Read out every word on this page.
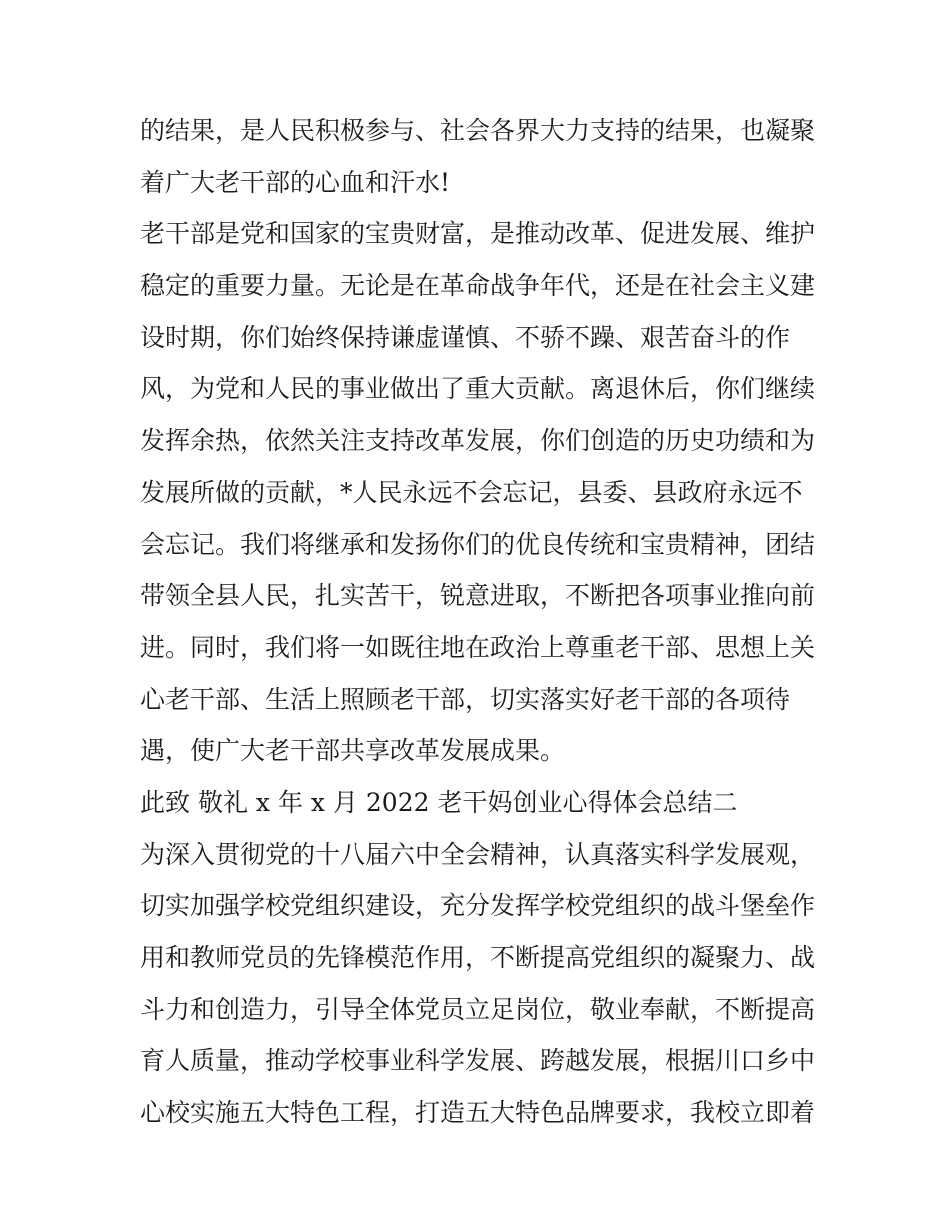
的结果，是人民积极参与、社会各界大力支持的结果，也凝聚
着广大老干部的心血和汗水!
老干部是党和国家的宝贵财富，是推动改革、促进发展、维护
稳定的重要力量。无论是在革命战争年代，还是在社会主义建
设时期，你们始终保持谦虚谨慎、不骄不躁、艰苦奋斗的作
风，为党和人民的事业做出了重大贡献。离退休后，你们继续
发挥余热，依然关注支持改革发展，你们创造的历史功绩和为
发展所做的贡献，*人民永远不会忘记，县委、县政府永远不
会忘记。我们将继承和发扬你们的优良传统和宝贵精神，团结
带领全县人民，扎实苦干，锐意进取，不断把各项事业推向前
进。同时，我们将一如既往地在政治上尊重老干部、思想上关
心老干部、生活上照顾老干部，切实落实好老干部的各项待
遇，使广大老干部共享改革发展成果。
此致 敬礼 x 年 x 月 2022 老干妈创业心得体会总结二
为深入贯彻党的十八届六中全会精神，认真落实科学发展观，
切实加强学校党组织建设，充分发挥学校党组织的战斗堡垒作
用和教师党员的先锋模范作用，不断提高党组织的凝聚力、战
斗力和创造力，引导全体党员立足岗位，敬业奉献，不断提高
育人质量，推动学校事业科学发展、跨越发展，根据川口乡中
心校实施五大特色工程，打造五大特色品牌要求，我校立即着
